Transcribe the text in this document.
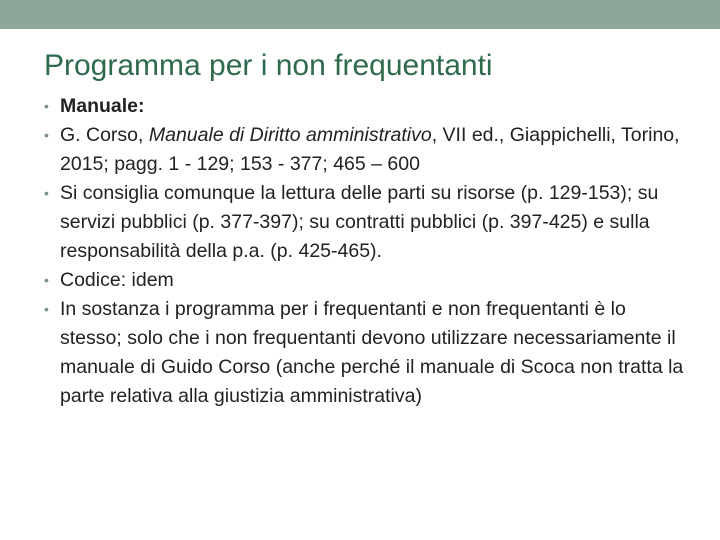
Programma per i non frequentanti
• Manuale:
• G. Corso, Manuale di Diritto amministrativo, VII ed., Giappichelli, Torino, 2015; pagg. 1 - 129; 153 - 377; 465 – 600
• Si consiglia comunque la lettura delle parti su risorse (p. 129-153); su servizi pubblici (p. 377-397); su contratti pubblici (p. 397-425) e sulla responsabilità della p.a. (p. 425-465).
• Codice: idem
• In sostanza i programma per i frequentanti e non frequentanti è lo stesso; solo che i non frequentanti devono utilizzare necessariamente il manuale di Guido Corso (anche perché il manuale di Scoca non tratta la parte relativa alla giustizia amministrativa)
